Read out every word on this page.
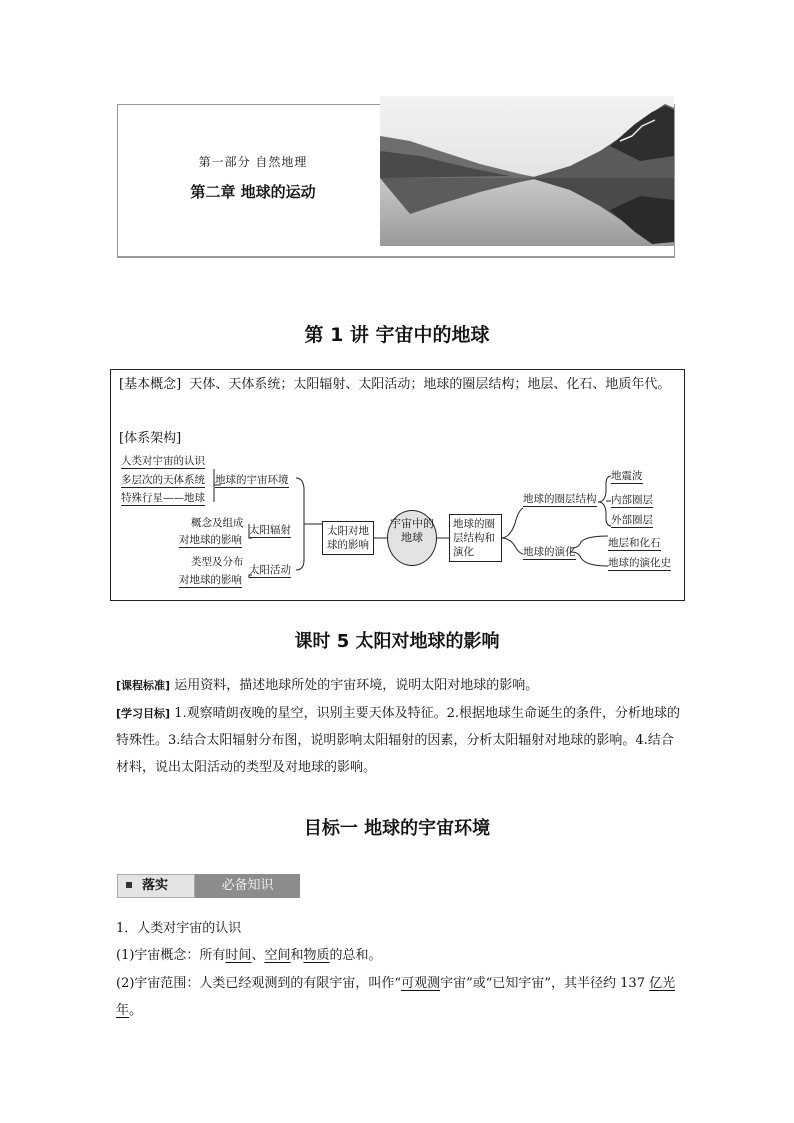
第一部分 自然地理
第二章 地球的运动
第 1 讲 宇宙中的地球
[基本概念] 天体、天体系统；太阳辐射、太阳活动；地球的圈层结构；地层、化石、地质年代。
[体系架构]
人类对宇宙的认识
多层次的天体系统
特殊行星——地球
地球的宇宙环境
概念及组成
对地球的影响
太阳辐射
类型及分布
对地球的影响
太阳活动
太阳对地球的影响
宇宙中的地球
地球的圈层结构和演化
地球的圈层结构
地球的演化
地震波
内部圈层
外部圈层
地层和化石
地球的演化史
课时 5 太阳对地球的影响
[课程标准] 运用资料，描述地球所处的宇宙环境，说明太阳对地球的影响。
[学习目标] 1.观察晴朗夜晚的星空，识别主要天体及特征。2.根据地球生命诞生的条件，分析地球的特殊性。3.结合太阳辐射分布图，说明影响太阳辐射的因素，分析太阳辐射对地球的影响。4.结合材料，说出太阳活动的类型及对地球的影响。
目标一 地球的宇宙环境
落实	必备知识
1．人类对宇宙的认识
(1)宇宙概念：所有时间、空间和物质的总和。
(2)宇宙范围：人类已经观测到的有限宇宙，叫作“可观测宇宙”或“已知宇宙”，其半径约 137 亿光年。
